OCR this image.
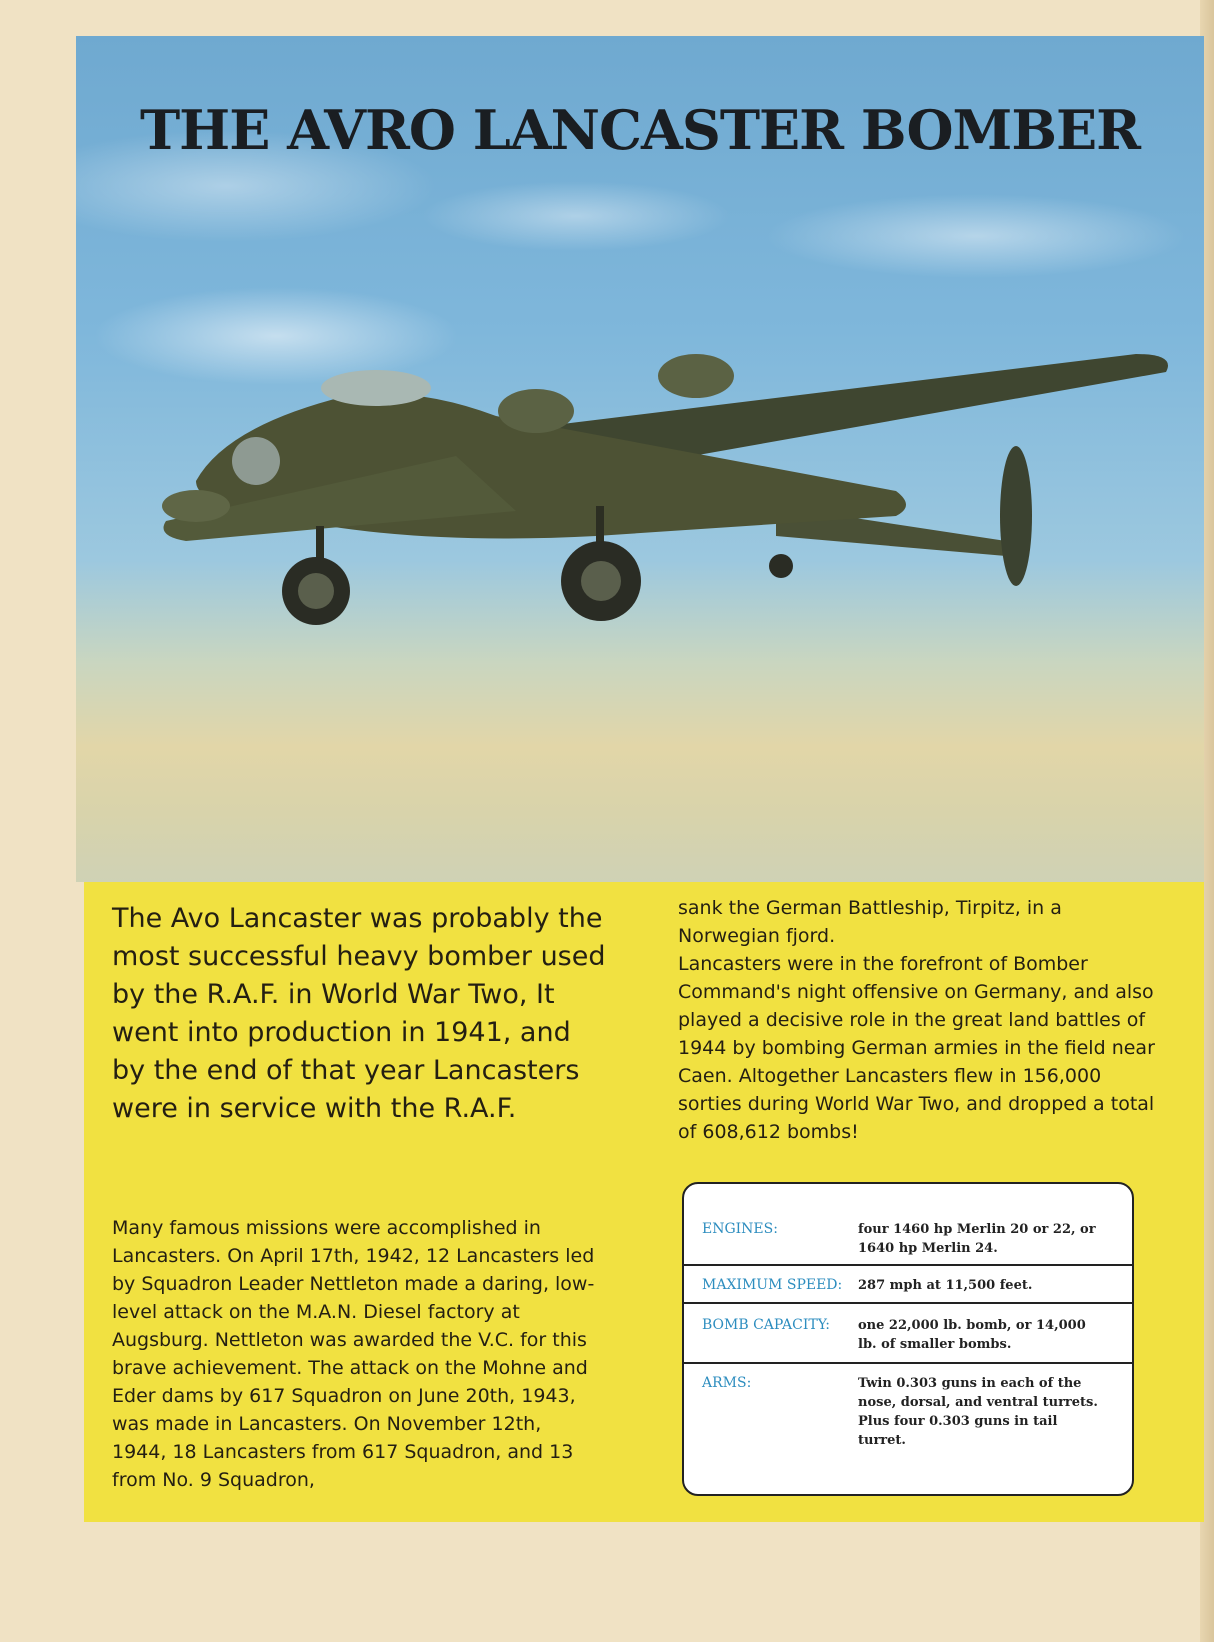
THE AVRO LANCASTER BOMBER

The Avo Lancaster was probably the most successful heavy bomber used by the R.A.F. in World War Two, It went into production in 1941, and by the end of that year Lancasters were in service with the R.A.F.

Many famous missions were accomplished in Lancasters. On April 17th, 1942, 12 Lancasters led by Squadron Leader Nettleton made a daring, low-level attack on the M.A.N. Diesel factory at Augsburg. Nettleton was awarded the V.C. for this brave achievement. The attack on the Mohne and Eder dams by 617 Squadron on June 20th, 1943, was made in Lancasters. On November 12th, 1944, 18 Lancasters from 617 Squadron, and 13 from No. 9 Squadron,

sank the German Battleship, Tirpitz, in a Norwegian fjord.

Lancasters were in the forefront of Bomber Command's night offensive on Germany, and also played a decisive role in the great land battles of 1944 by bombing German armies in the field near Caen. Altogether Lancasters flew in 156,000 sorties during World War Two, and dropped a total of 608,612 bombs!

ENGINES:	four 1460 hp Merlin 20 or 22, or 1640 hp Merlin 24.
MAXIMUM SPEED:	287 mph at 11,500 feet.
BOMB CAPACITY:	one 22,000 lb. bomb, or 14,000 lb. of smaller bombs.
ARMS:	Twin 0.303 guns in each of the nose, dorsal, and ventral turrets. Plus four 0.303 guns in tail turret.
